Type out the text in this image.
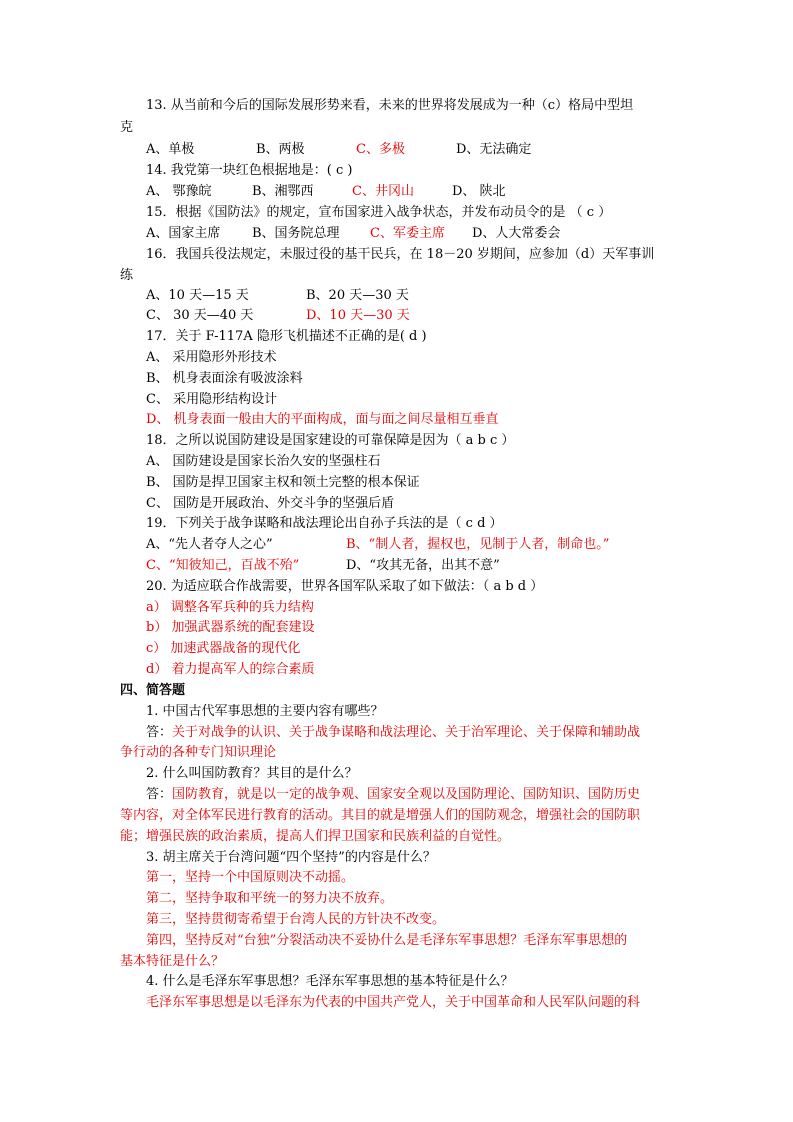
13. 从当前和今后的国际发展形势来看，未来的世界将发展成为一种（c）格局中型坦
克
A、单极	B、两极	C、多极	D、无法确定
14. 我党第一块红色根据地是：( c )
A、 鄂豫皖	B、湘鄂西	C、井冈山	D、 陕北
15．根据《国防法》的规定，宣布国家进入战争状态，并发布动员令的是 （ c ）
A、国家主席 B、国务院总理 C、军委主席 D、人大常委会
16．我国兵役法规定，未服过役的基干民兵，在 18－20 岁期间，应参加（d）天军事训
练
A、10 天—15 天	B、20 天—30 天
C、 30 天—40 天	D、10 天—30 天
17．关于 F-117A 隐形飞机描述不正确的是( d )
A、 采用隐形外形技术
B、 机身表面涂有吸波涂料
C、 采用隐形结构设计
D、 机身表面一般由大的平面构成，面与面之间尽量相互垂直
18．之所以说国防建设是国家建设的可靠保障是因为（ a b c ）
A、 国防建设是国家长治久安的坚强柱石
B、 国防是捍卫国家主权和领土完整的根本保证
C、 国防是开展政治、外交斗争的坚强后盾
19．下列关于战争谋略和战法理论出自孙子兵法的是（ c d ）
A、“先人者夺人之心”	B、“制人者，握权也，见制于人者，制命也。”
C、“知彼知己，百战不殆”	D、“攻其无备，出其不意”
20. 为适应联合作战需要，世界各国军队采取了如下做法：（ a b d ）
a） 调整各军兵种的兵力结构
b） 加强武器系统的配套建设
c） 加速武器战备的现代化
d） 着力提高军人的综合素质
四、简答题
1. 中国古代军事思想的主要内容有哪些？
答：关于对战争的认识、关于战争谋略和战法理论、关于治军理论、关于保障和辅助战
争行动的各种专门知识理论
2. 什么叫国防教育？其目的是什么？
答：国防教育，就是以一定的战争观、国家安全观以及国防理论、国防知识、国防历史
等内容，对全体军民进行教育的活动。其目的就是增强人们的国防观念，增强社会的国防职
能；增强民族的政治素质，提高人们捍卫国家和民族利益的自觉性。
3. 胡主席关于台湾问题“四个坚持”的内容是什么？
第一，坚持一个中国原则决不动摇。
第二，坚持争取和平统一的努力决不放弃。
第三，坚持贯彻寄希望于台湾人民的方针决不改变。
第四，坚持反对“台独”分裂活动决不妥协什么是毛泽东军事思想？毛泽东军事思想的
基本特征是什么？
4. 什么是毛泽东军事思想？毛泽东军事思想的基本特征是什么？
毛泽东军事思想是以毛泽东为代表的中国共产党人，关于中国革命和人民军队问题的科
